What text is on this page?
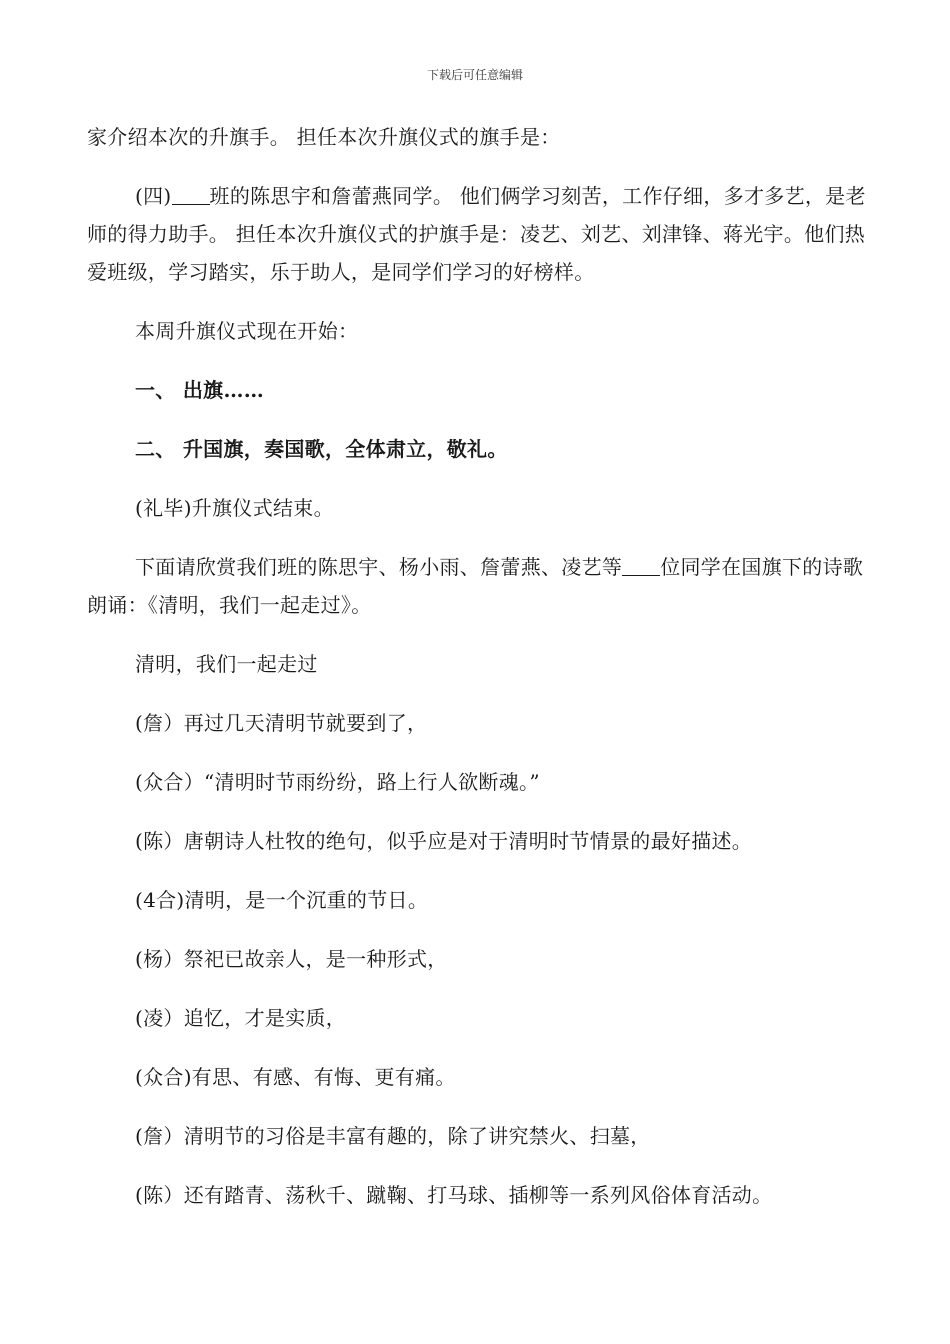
下载后可任意编辑

家介绍本次的升旗手。 担任本次升旗仪式的旗手是：

(四) 班的陈思宇和詹蕾燕同学。 他们俩学习刻苦，工作仔细，多才多艺，是老师的得力助手。 担任本次升旗仪式的护旗手是：凌艺、刘艺、刘津锋、蒋光宇。他们热爱班级，学习踏实，乐于助人，是同学们学习的好榜样。

本周升旗仪式现在开始：

一、 出旗……

二、 升国旗，奏国歌，全体肃立，敬礼。

(礼毕)升旗仪式结束。

下面请欣赏我们班的陈思宇、杨小雨、詹蕾燕、凌艺等 位同学在国旗下的诗歌朗诵：《清明，我们一起走过》。

清明，我们一起走过

(詹）再过几天清明节就要到了，

(众合）“清明时节雨纷纷，路上行人欲断魂。”

(陈）唐朝诗人杜牧的绝句，似乎应是对于清明时节情景的最好描述。

(4合)清明，是一个沉重的节日。

(杨）祭祀已故亲人，是一种形式，

(凌）追忆，才是实质，

(众合)有思、有感、有悔、更有痛。

(詹）清明节的习俗是丰富有趣的，除了讲究禁火、扫墓，

(陈）还有踏青、荡秋千、蹴鞠、打马球、插柳等一系列风俗体育活动。
